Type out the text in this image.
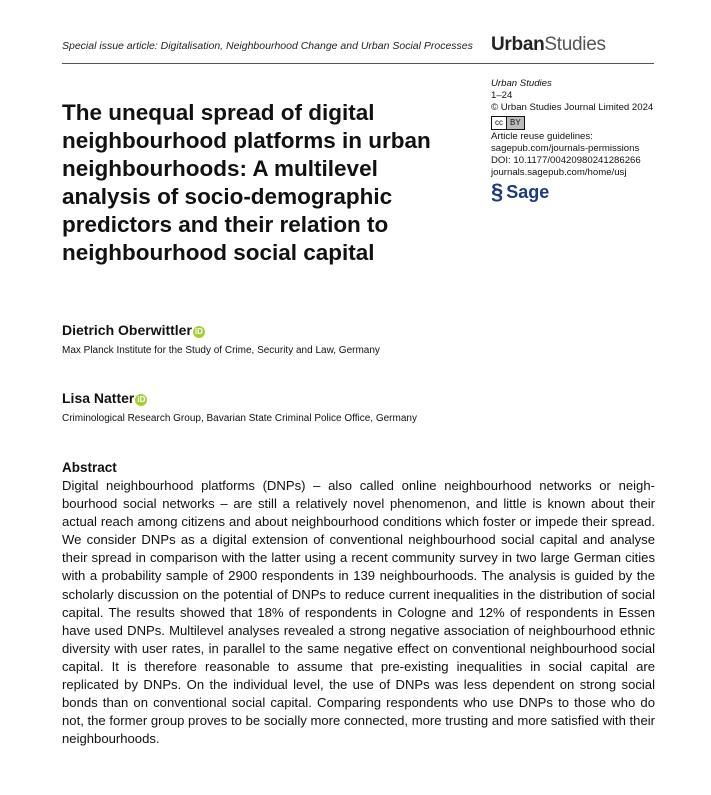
Special issue article: Digitalisation, Neighbourhood Change and Urban Social Processes UrbanStudies
Urban Studies
1–24
© Urban Studies Journal Limited 2024
cc BY
Article reuse guidelines:
sagepub.com/journals-permissions
DOI: 10.1177/00420980241286266
journals.sagepub.com/home/usj
§ Sage
The unequal spread of digital neighbourhood platforms in urban neighbourhoods: A multilevel analysis of socio-demographic predictors and their relation to neighbourhood social capital
Dietrich Oberwittler iD
Max Planck Institute for the Study of Crime, Security and Law, Germany
Lisa Natter iD
Criminological Research Group, Bavarian State Criminal Police Office, Germany
Abstract

Digital neighbourhood platforms (DNPs) – also called online neighbourhood networks or neighbourhood social networks – are still a relatively novel phenomenon, and little is known about their actual reach among citizens and about neighbourhood conditions which foster or impede their spread. We consider DNPs as a digital extension of conventional neighbourhood social capital and analyse their spread in comparison with the latter using a recent community survey in two large German cities with a probability sample of 2900 respondents in 139 neighbourhoods. The analysis is guided by the scholarly discussion on the potential of DNPs to reduce current inequalities in the distribution of social capital. The results showed that 18% of respondents in Cologne and 12% of respondents in Essen have used DNPs. Multilevel analyses revealed a strong negative association of neighbourhood ethnic diversity with user rates, in parallel to the same negative effect on conventional neighbourhood social capital. It is therefore reasonable to assume that pre-existing inequalities in social capital are replicated by DNPs. On the individual level, the use of DNPs was less dependent on strong social bonds than on conventional social capital. Comparing respondents who use DNPs to those who do not, the former group proves to be socially more connected, more trusting and more satisfied with their neighbourhoods.
